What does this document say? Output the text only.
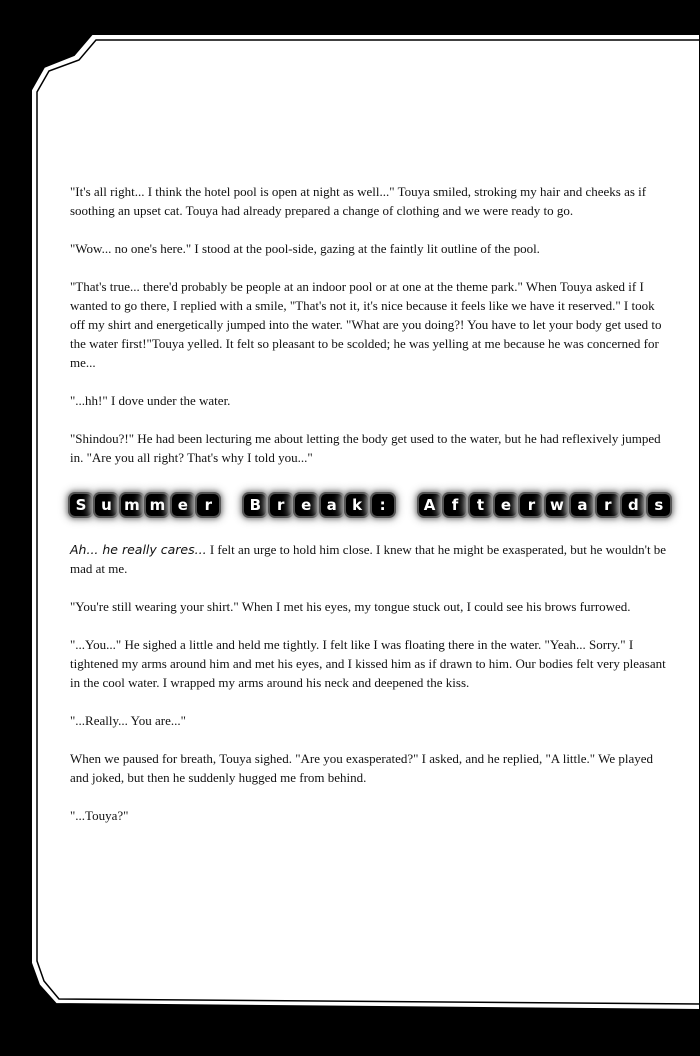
"It's all right... I think the hotel pool is open at night as well..." Touya smiled, stroking my hair and cheeks as if soothing an upset cat. Touya had already prepared a change of clothing and we were ready to go.

"Wow... no one's here." I stood at the pool-side, gazing at the faintly lit outline of the pool.

"That's true... there'd probably be people at an indoor pool or at one at the theme park." When Touya asked if I wanted to go there, I replied with a smile, "That's not it, it's nice because it feels like we have it reserved." I took off my shirt and energetically jumped into the water. "What are you doing?! You have to let your body get used to the water first!"Touya yelled. It felt so pleasant to be scolded; he was yelling at me because he was concerned for me...

"...hh!" I dove under the water.

"Shindou?!" He had been lecturing me about letting the body get used to the water, but he had reflexively jumped in. "Are you all right? That's why I told you..."

S u m m e	r	B	r	e	a	k	:	A	f	t	e	r w a	r	d	s

Ah... he really cares... I felt an urge to hold him close. I knew that he might be exasperated, but he wouldn't be mad at me.

"You're still wearing your shirt." When I met his eyes, my tongue stuck out, I could see his brows furrowed.

"...You..." He sighed a little and held me tightly. I felt like I was floating there in the water. "Yeah... Sorry." I tightened my arms around him and met his eyes, and I kissed him as if drawn to him. Our bodies felt very pleasant in the cool water. I wrapped my arms around his neck and deepened the kiss.

"...Really... You are..."

When we paused for breath, Touya sighed. "Are you exasperated?" I asked, and he replied, "A little." We played and joked, but then he suddenly hugged me from behind.

"...Touya?"
